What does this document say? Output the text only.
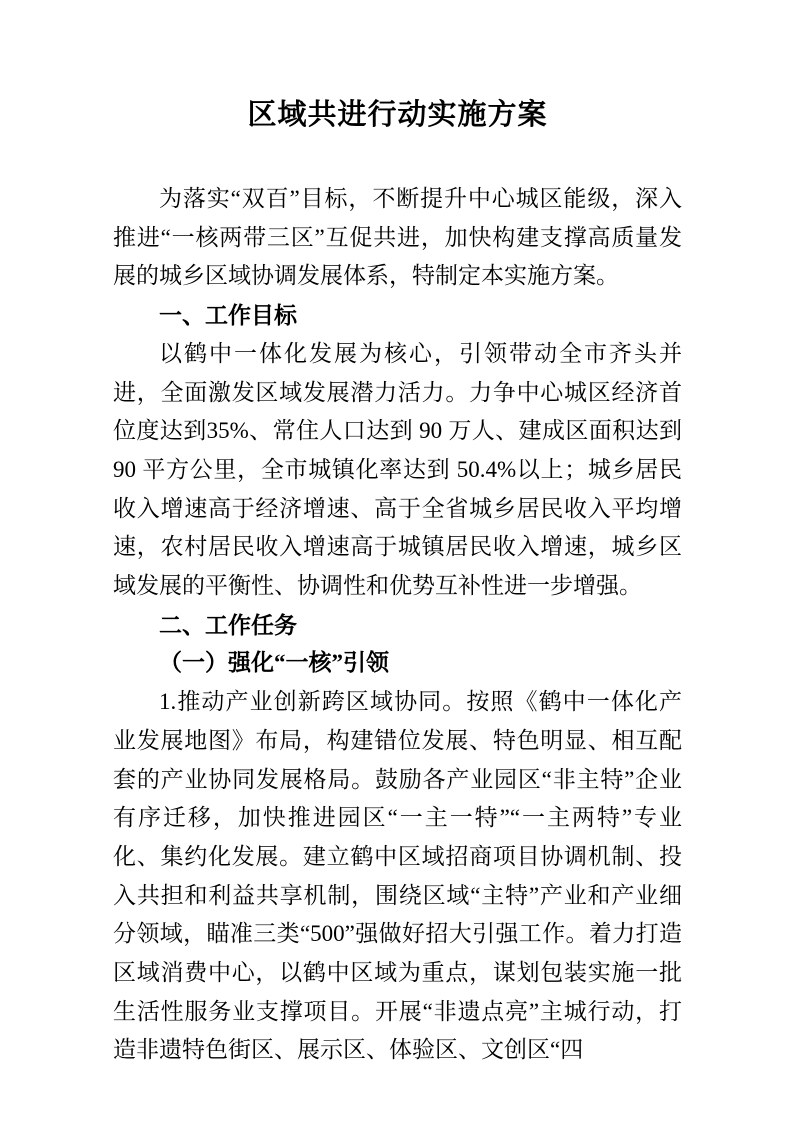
区域共进行动实施方案

为落实“双百”目标，不断提升中心城区能级，深入推进“一核两带三区”互促共进，加快构建支撑高质量发展的城乡区域协调发展体系，特制定本实施方案。

一、工作目标

以鹤中一体化发展为核心，引领带动全市齐头并进，全面激发区域发展潜力活力。力争中心城区经济首位度达到35%、常住人口达到 90 万人、建成区面积达到 90 平方公里，全市城镇化率达到 50.4%以上；城乡居民收入增速高于经济增速、高于全省城乡居民收入平均增速，农村居民收入增速高于城镇居民收入增速，城乡区域发展的平衡性、协调性和优势互补性进一步增强。

二、工作任务

（一）强化“一核”引领

1.推动产业创新跨区域协同。按照《鹤中一体化产业发展地图》布局，构建错位发展、特色明显、相互配套的产业协同发展格局。鼓励各产业园区“非主特”企业有序迁移，加快推进园区“一主一特”“一主两特”专业化、集约化发展。建立鹤中区域招商项目协调机制、投入共担和利益共享机制，围绕区域“主特”产业和产业细分领域，瞄准三类“500”强做好招大引强工作。着力打造区域消费中心，以鹤中区域为重点，谋划包装实施一批生活性服务业支撑项目。开展“非遗点亮”主城行动，打造非遗特色街区、展示区、体验区、文创区“四
